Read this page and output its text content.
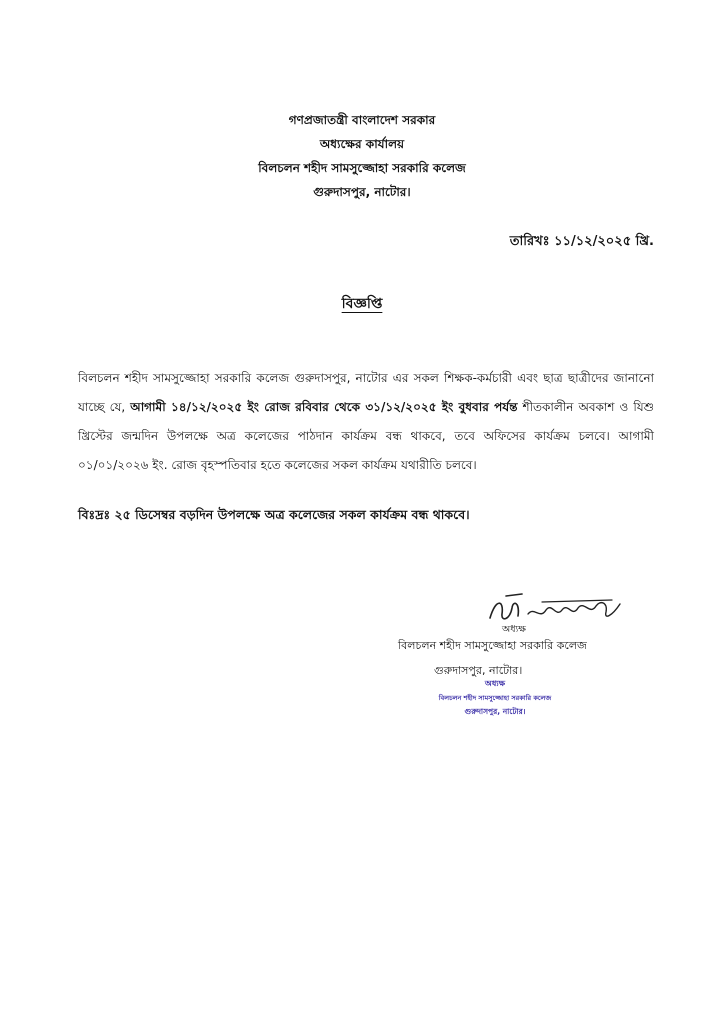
গণপ্রজাতন্ত্রী বাংলাদেশ সরকার
অধ্যক্ষের কার্যালয়
বিলচলন শহীদ সামসুজ্জোহা সরকারি কলেজ
গুরুদাসপুর, নাটোর।
তারিখঃ ১১/১২/২০২৫ খ্রি.
বিজ্ঞপ্তি
বিলচলন শহীদ সামসুজ্জোহা সরকারি কলেজ গুরুদাসপুর, নাটোর এর সকল শিক্ষক-কর্মচারী এবং ছাত্র ছাত্রীদের জানানো যাচ্ছে যে, আগামী ১৪/১২/২০২৫ ইং রোজ রবিবার থেকে ৩১/১২/২০২৫ ইং বুধবার পর্যন্ত শীতকালীন অবকাশ ও যিশু খ্রিস্টের জন্মদিন উপলক্ষে অত্র কলেজের পাঠদান কার্যক্রম বন্ধ থাকবে, তবে অফিসের কার্যক্রম চলবে। আগামী ০১/০১/২০২৬ ইং. রোজ বৃহস্পতিবার হতে কলেজের সকল কার্যক্রম যথারীতি চলবে।
বিঃদ্রঃ ২৫ ডিসেম্বর বড়দিন উপলক্ষে অত্র কলেজের সকল কার্যক্রম বন্ধ থাকবে।
অধ্যক্ষ
বিলচলন শহীদ সামসুজ্জোহা সরকারি কলেজ
গুরুদাসপুর, নাটোর।
অধ্যক্ষ
বিলচলন শহীদ সামসুজ্জোহা সরকারি কলেজ
গুরুদাসপুর, নাটোর।
